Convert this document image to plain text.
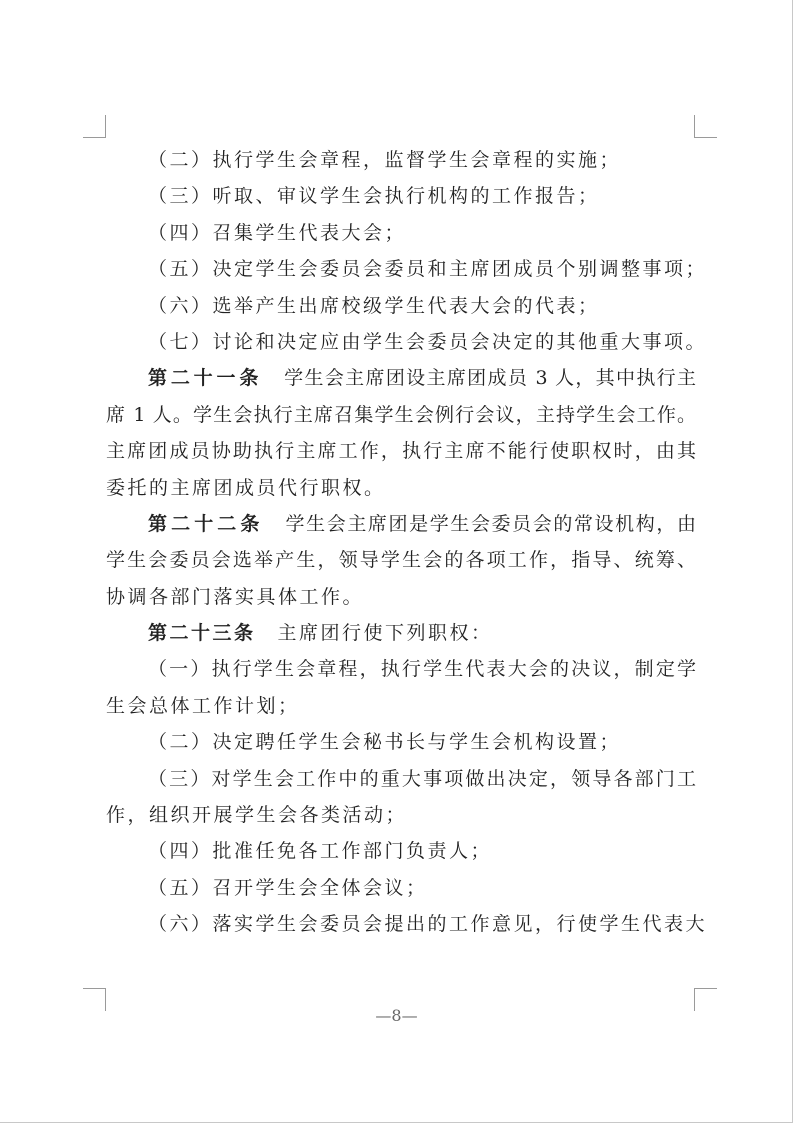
（二）执行学生会章程，监督学生会章程的实施；
（三）听取、审议学生会执行机构的工作报告；
（四）召集学生代表大会；
（五）决定学生会委员会委员和主席团成员个别调整事项；
（六）选举产生出席校级学生代表大会的代表；
（七）讨论和决定应由学生会委员会决定的其他重大事项。
第二十一条 学生会主席团设主席团成员 3 人，其中执行主
席 1 人。学生会执行主席召集学生会例行会议，主持学生会工作。
主席团成员协助执行主席工作，执行主席不能行使职权时，由其
委托的主席团成员代行职权。
第二十二条 学生会主席团是学生会委员会的常设机构，由
学生会委员会选举产生，领导学生会的各项工作，指导、统筹、
协调各部门落实具体工作。
第二十三条 主席团行使下列职权：
（一）执行学生会章程，执行学生代表大会的决议，制定学
生会总体工作计划；
（二）决定聘任学生会秘书长与学生会机构设置；
（三）对学生会工作中的重大事项做出决定，领导各部门工
作，组织开展学生会各类活动；
（四）批准任免各工作部门负责人；
（五）召开学生会全体会议；
（六）落实学生会委员会提出的工作意见，行使学生代表大
—8—
